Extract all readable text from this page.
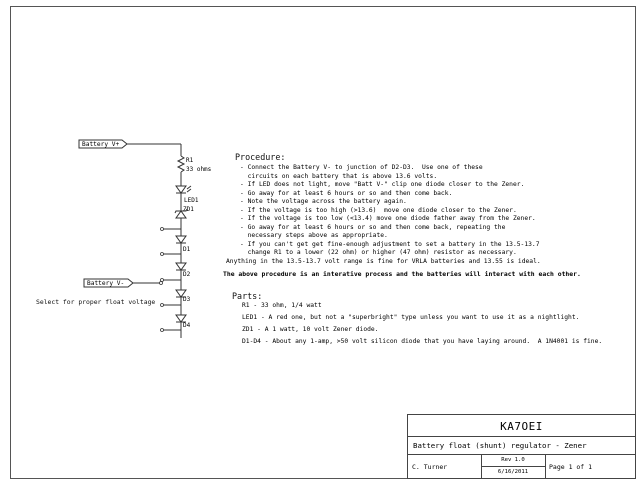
Battery V+
Battery V-
Select for proper float voltage
R1
33 ohms
LED1
ZD1
D1
D2
D3
D4
Procedure:
- Connect the Battery V- to junction of D2-D3.  Use one of these
circuits on each battery that is above 13.6 volts.
- If LED does not light, move "Batt V-" clip one diode closer to the Zener.
- Go away for at least 6 hours or so and then come back.
- Note the voltage across the battery again.
- If the voltage is too high (>13.6)  move one diode closer to the Zener.
- If the voltage is too low (<13.4) move one diode father away from the Zener.
- Go away for at least 6 hours or so and then come back, repeating the
necessary steps above as appropriate.
- If you can't get get fine-enough adjustment to set a battery in the 13.5-13.7
change R1 to a lower (22 ohm) or higher (47 ohm) resistor as necessary.
Anything in the 13.5-13.7 volt range is fine for VRLA batteries and 13.55 is ideal.
The above procedure is an interative process and the batteries will interact with each other.
Parts:
R1 - 33 ohm, 1/4 watt
LED1 - A red one, but not a "superbright" type unless you want to use it as a nightlight.
ZD1 - A 1 watt, 10 volt Zener diode.
D1-D4 - About any 1-amp, >50 volt silicon diode that you have laying around.  A 1N4001 is fine.
KA7OEI
Battery float (shunt) regulator - Zener
C. Turner
Rev 1.0
6/16/2011
Page 1 of 1
